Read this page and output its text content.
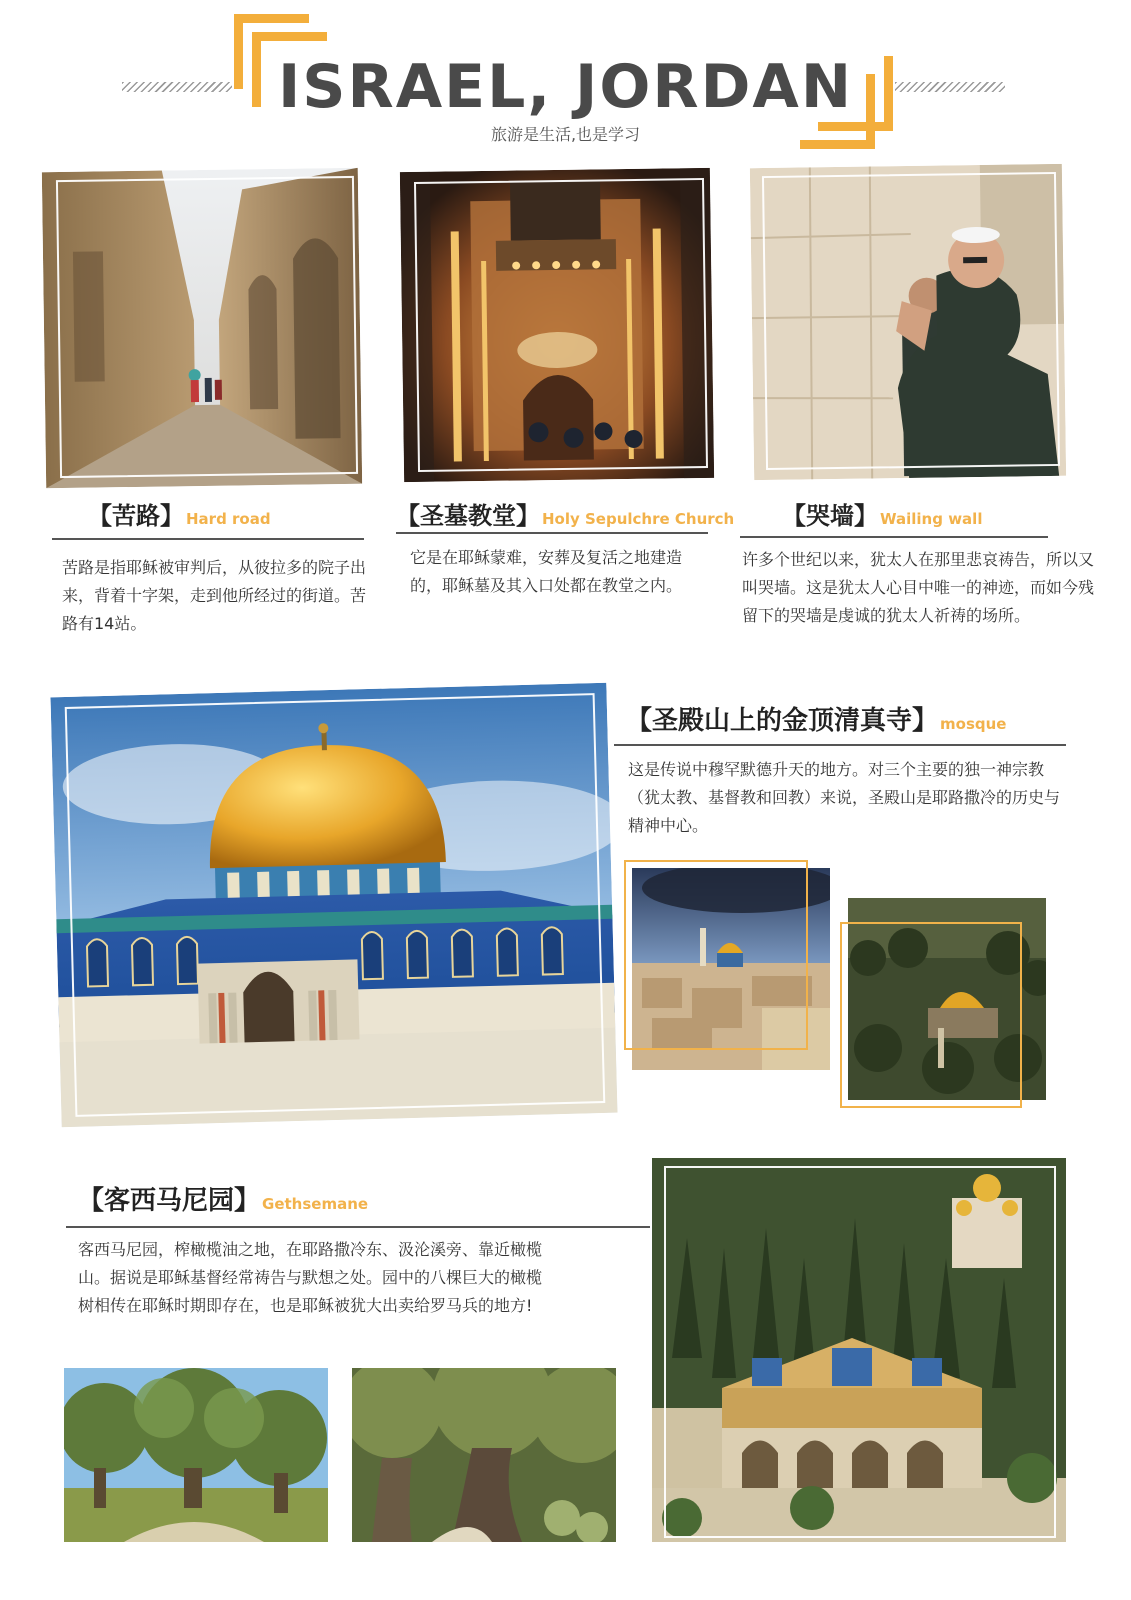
ISRAEL, JORDAN
旅游是生活,也是学习
【苦路】 Hard road
苦路是指耶稣被审判后，从彼拉多的院子出来，背着十字架，走到他所经过的街道。苦路有14站。
【圣墓教堂】 Holy Sepulchre Church
它是在耶稣蒙难，安葬及复活之地建造的，耶稣墓及其入口处都在教堂之内。
【哭墙】 Wailing wall
许多个世纪以来，犹太人在那里悲哀祷告，所以又叫哭墙。这是犹太人心目中唯一的神迹，而如今残留下的哭墙是虔诚的犹太人祈祷的场所。
【圣殿山上的金顶清真寺】 mosque
这是传说中穆罕默德升天的地方。对三个主要的独一神宗教（犹太教、基督教和回教）来说，圣殿山是耶路撒冷的历史与精神中心。
【客西马尼园】 Gethsemane
客西马尼园，榨橄榄油之地，在耶路撒冷东、汲沦溪旁、靠近橄榄山。据说是耶稣基督经常祷告与默想之处。园中的八棵巨大的橄榄树相传在耶稣时期即存在，也是耶稣被犹大出卖给罗马兵的地方!
